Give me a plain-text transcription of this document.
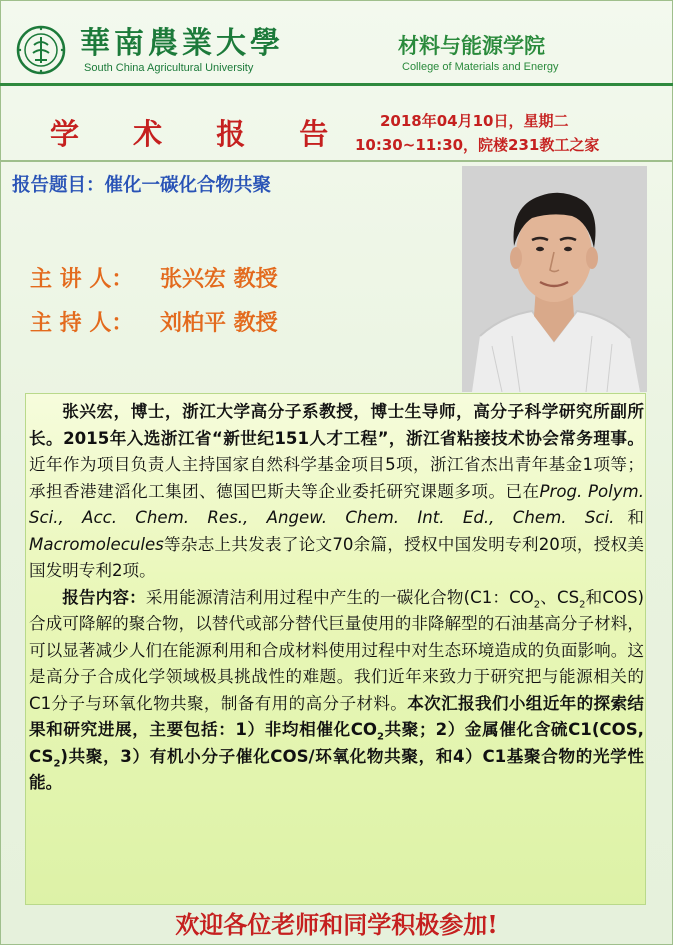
華南農業大學
South China Agricultural University
材料与能源学院
College of Materials and Energy
学 术 报 告 2018年04月10日，星期二
10:30~11:30，院楼231教工之家
报告题目：催化一碳化合物共聚
主 讲 人： 张兴宏 教授
主 持 人： 刘柏平 教授

张兴宏，博士，浙江大学高分子系教授，博士生导师，高分子科学研究所副所长。2015年入选浙江省“新世纪151人才工程”，浙江省粘接技术协会常务理事。近年作为项目负责人主持国家自然科学基金项目5项，浙江省杰出青年基金1项等；承担香港建滔化工集团、德国巴斯夫等企业委托研究课题多项。已在Prog. Polym. Sci., Acc. Chem. Res., Angew. Chem. Int. Ed., Chem. Sci.和Macromolecules等杂志上共发表了论文70余篇，授权中国发明专利20项，授权美国发明专利2项。

报告内容：采用能源清洁利用过程中产生的一碳化合物(C1：$CO_2$、$CS_2$和COS)合成可降解的聚合物，以替代或部分替代巨量使用的非降解型的石油基高分子材料，可以显著减少人们在能源利用和合成材料使用过程中对生态环境造成的负面影响。这是高分子合成化学领域极具挑战性的难题。我们近年来致力于研究把与能源相关的C1分子与环氧化物共聚，制备有用的高分子材料。本次汇报我们小组近年的探索结果和研究进展，主要包括：1）非均相催化$CO_2$共聚；2）金属催化含硫C1(COS, $CS_2$)共聚，3）有机小分子催化COS/环氧化物共聚，和4）C1基聚合物的光学性能。

欢迎各位老师和同学积极参加!
